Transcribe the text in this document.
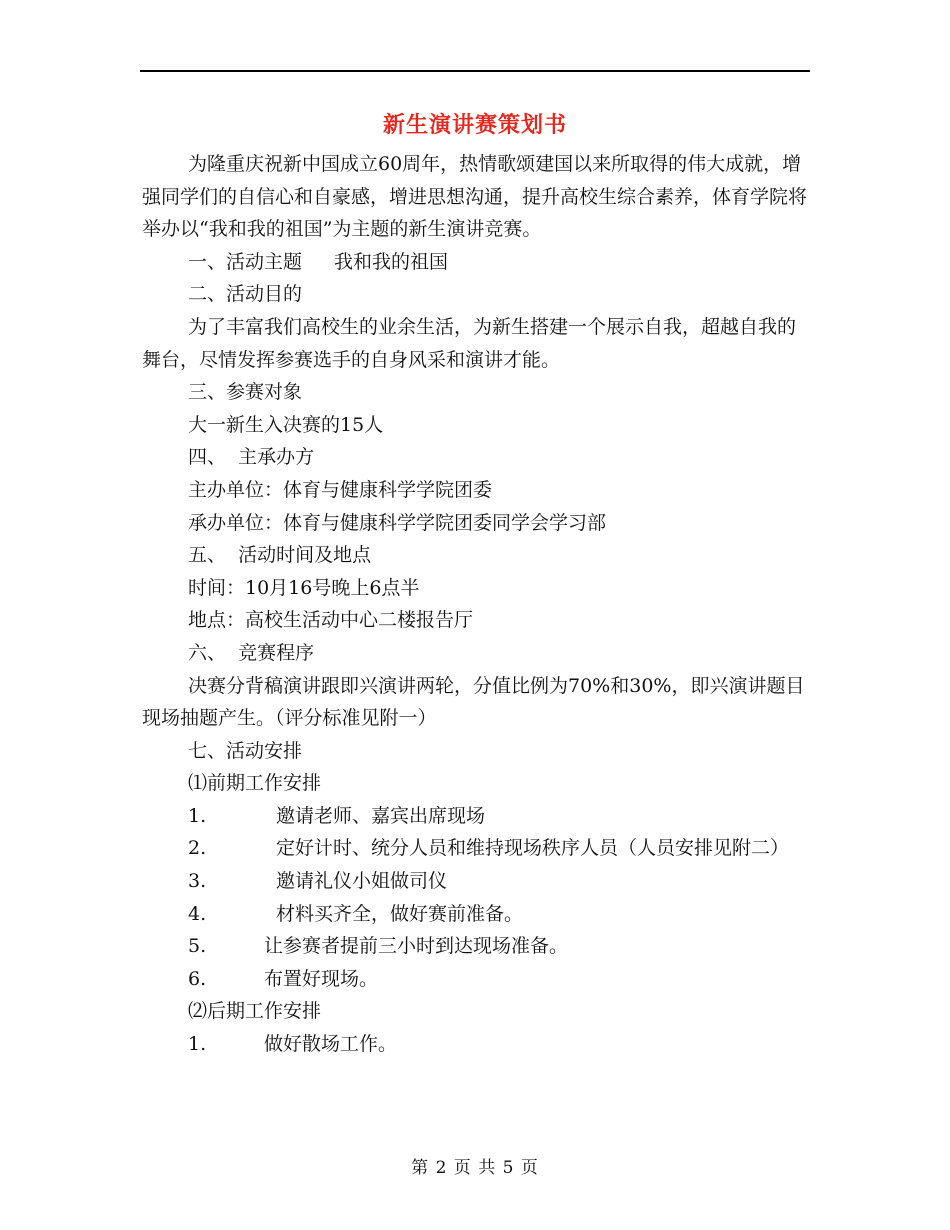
新生演讲赛策划书

为隆重庆祝新中国成立60周年，热情歌颂建国以来所取得的伟大成就，增强同学们的自信心和自豪感，增进思想沟通，提升高校生综合素养，体育学院将举办以“我和我的祖国”为主题的新生演讲竞赛。

一、活动主题 我和我的祖国

二、活动目的

为了丰富我们高校生的业余生活，为新生搭建一个展示自我，超越自我的舞台，尽情发挥参赛选手的自身风采和演讲才能。

三、参赛对象

大一新生入决赛的15人

四、  主承办方

主办单位：体育与健康科学学院团委

承办单位：体育与健康科学学院团委同学会学习部

五、  活动时间及地点

时间：10月16号晚上6点半

地点：高校生活动中心二楼报告厅

六、  竞赛程序

决赛分背稿演讲跟即兴演讲两轮，分值比例为70%和30%，即兴演讲题目现场抽题产生。（评分标准见附一）

七、活动安排

⑴前期工作安排

1.	邀请老师、嘉宾出席现场

2.	定好计时、统分人员和维持现场秩序人员（人员安排见附二）

3.	邀请礼仪小姐做司仪

4.	材料买齐全，做好赛前准备。

5.	让参赛者提前三小时到达现场准备。

6.	布置好现场。

⑵后期工作安排

1.	做好散场工作。

第 2 页 共 5 页
